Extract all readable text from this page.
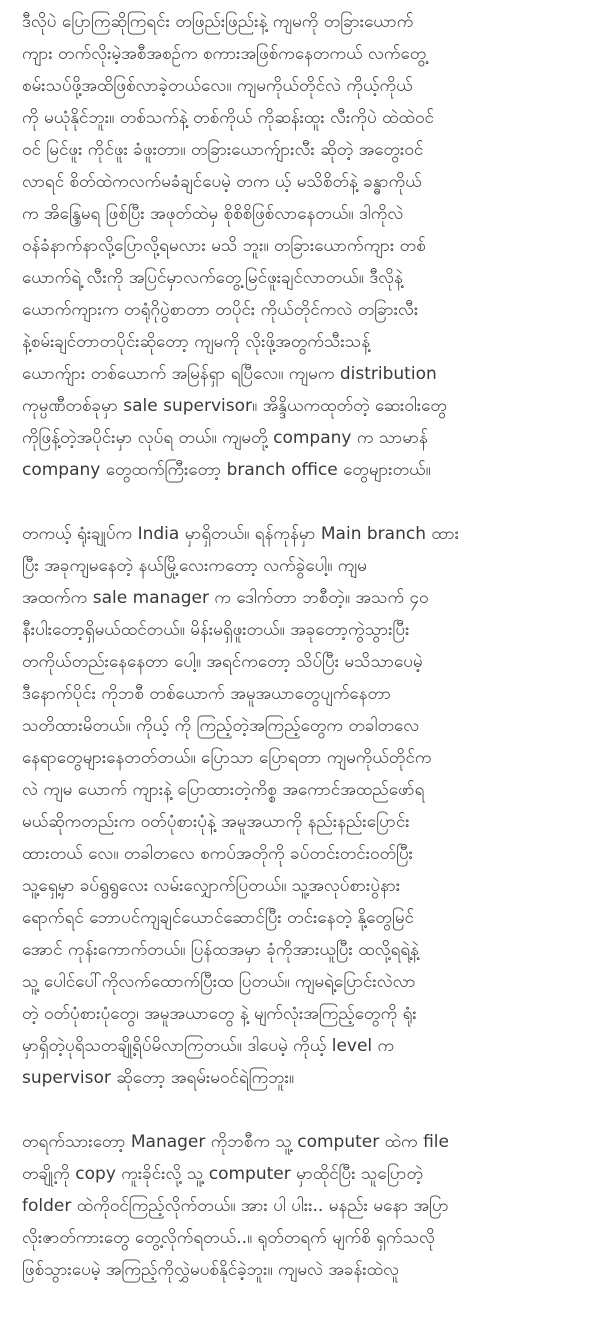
ဒီလိုပဲ ပြောကြဆိုကြရင်း တဖြည်းဖြည်းနဲ့ ကျမကို တခြားယောက်
ကျား တက်လိုးမဲ့အစီအစဉ်က စကားအဖြစ်ကနေတကယ် လက်တွေ့
စမ်းသပ်ဖို့အထိဖြစ်လာခဲ့တယ်လေ။ ကျမကိုယ်တိုင်လဲ ကိုယ့်ကိုယ်
ကို မယုံနိုင်ဘူး။ တစ်သက်နဲ့ တစ်ကိုယ် ကိုဆန်းထူး လီးကိုပဲ ထဲထဲဝင်
ဝင် မြင်ဖူး ကိုင်ဖူး ခံဖူးတာ။ တခြားယောက်ျားလီး ဆိုတဲ့ အတွေးဝင်
လာရင် စိတ်ထဲကလက်မခံချင်ပေမဲ့ တက ယ့် မသိစိတ်နဲ့ ခန္ဓာကိုယ်
က အိန္ဒြေမရ ဖြစ်ပြီး အဖုတ်ထဲမှ စိုစိစိဖြစ်လာနေတယ်။ ဒါကိုလဲ
ဝန်ခံနာက်နာလို့ပြောလို့ရမလား မသိ ဘူး။ တခြားယောက်ကျား တစ်
ယောက်ရဲ့ လီးကို အပြင်မှာလက်တွေ့မြင်ဖူးချင်လာတယ်။ ဒီလိုနဲ့
ယောက်ကျားက တရုံဂိုပွဲစာတာ တပိုင်း ကိုယ်တိုင်ကလဲ တခြားလီး
နဲ့စမ်းချင်တာတပိုင်းဆိုတော့ ကျမကို လိုးဖို့အတွက်သီးသန့်
ယောက်ျား တစ်ယောက် အမြန်ရှာ ရပြီလေ။ ကျမက distribution
ကုမ္ပဏီတစ်ခုမှာ sale supervisor။ အိန္ဒိယကထုတ်တဲ့ ဆေးဝါးတွေ
ကိုဖြန့်တဲ့အပိုင်းမှာ လုပ်ရ တယ်။ ကျမတို့ company က သာမာန်
company တွေထက်ကြီးတော့ branch office တွေများတယ်။
တကယ့် ရုံးချုပ်က India မှာရှိတယ်။ ရန်ကုန်မှာ Main branch ထား
ပြီး အခုကျမနေတဲ့ နယ်မြို့လေးကတော့ လက်ခွဲပေါ့။ ကျမ
အထက်က sale manager က ဒေါက်တာ ဘစီတဲ့။ အသက် ၄၀
နီးပါးတော့ရှိမယ်ထင်တယ်။ မိန်းမရှိဖူးတယ်။ အခုတော့ကွဲသွားပြီး
တကိုယ်တည်းနေနေတာ ပေါ့။ အရင်ကတော့ သိပ်ပြီး မသိသာပေမဲ့
ဒီနောက်ပိုင်း ကိုဘစီ တစ်ယောက် အမူအယာတွေပျက်နေတာ
သတိထားမိတယ်။ ကိုယ့် ကို ကြည့်တဲ့အကြည့်တွေက တခါတလေ
နေရာတွေများနေတတ်တယ်။ ပြောသာ ပြောရတာ ကျမကိုယ်တိုင်က
လဲ ကျမ ယောက် ကျားနဲ့ ပြောထားတဲ့ကိစ္စ အကောင်အထည်ဖော်ရ
မယ်ဆိုကတည်းက ဝတ်ပုံစားပုံနဲ့ အမူအယာကို နည်းနည်းပြောင်း
ထားတယ် လေ။ တခါတလေ စကပ်အတိုကို ခပ်တင်းတင်းဝတ်ပြီး
သူ့ရှေ့မှာ ခပ်ရွရွလေး လမ်းလျှောက်ပြတယ်။ သူ့အလုပ်စားပွဲနား
ရောက်ရင် ဘောပင်ကျချင်ယောင်ဆောင်ပြီး တင်းနေတဲ့ နို့တွေမြင်
အောင် ကုန်းကောက်တယ်။ ပြန်ထအမှာ ခုံကိုအားယူပြီး ထလို့ရရဲ့နဲ့
သူ့ ပေါင်ပေါ်ကိုလက်ထောက်ပြီးထ ပြတယ်။ ကျမရဲ့ပြောင်းလဲလာ
တဲ့ ဝတ်ပုံစားပုံတွေ၊ အမူအယာတွေ နဲ့ မျက်လုံးအကြည့်တွေကို ရုံး
မှာရှိတဲ့ပုရိသတချို့ရိပ်မိလာကြတယ်။ ဒါပေမဲ့ ကိုယ့် level က
supervisor ဆိုတော့ အရမ်းမဝင်ရဲကြဘူး။
တရက်သားတော့ Manager ကိုဘစီက သူ့ computer ထဲက file
တချို့ကို copy ကူးခိုင်းလို့ သူ့ computer မှာထိုင်ပြီး သူပြောတဲ့
folder ထဲကိုဝင်ကြည့်လိုက်တယ်။ အား ပါ ပါးး.. မနည်း မနော အပြာ
လိုးဇာတ်ကားတွေ တွေ့လိုက်ရတယ်..။ ရုတ်တရက် မျက်စိ ရှက်သလို
ဖြစ်သွားပေမဲ့ အကြည့်ကိုလွှဲမပစ်နိုင်ခဲ့ဘူး။ ကျမလဲ အခန်းထဲလူ
